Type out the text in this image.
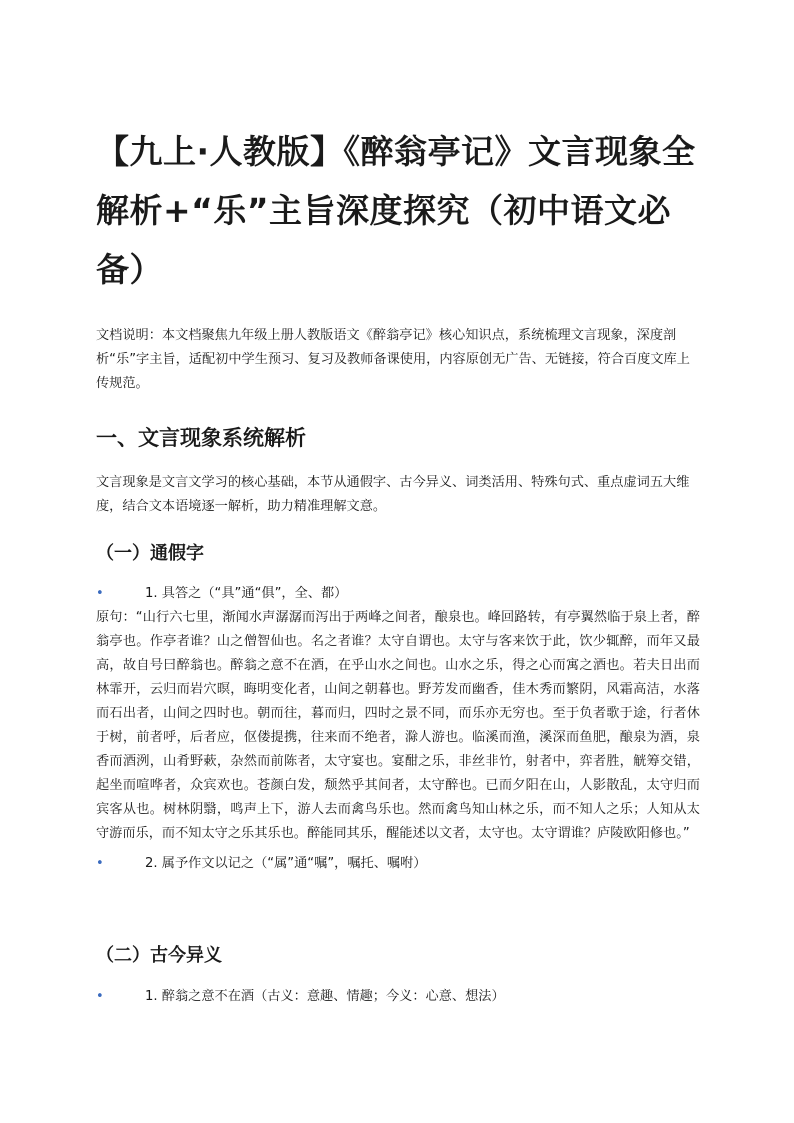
【九上·人教版】《醉翁亭记》文言现象全解析+“乐”主旨深度探究（初中语文必备）

文档说明：本文档聚焦九年级上册人教版语文《醉翁亭记》核心知识点，系统梳理文言现象，深度剖析“乐”字主旨，适配初中学生预习、复习及教师备课使用，内容原创无广告、无链接，符合百度文库上传规范。

一、文言现象系统解析

文言现象是文言文学习的核心基础，本节从通假字、古今异义、词类活用、特殊句式、重点虚词五大维度，结合文本语境逐一解析，助力精准理解文意。

（一）通假字
•	1. 具答之（“具”通“俱”，全、都）

原句：“山行六七里，渐闻水声潺潺而泻出于两峰之间者，酿泉也。峰回路转，有亭翼然临于泉上者，醉翁亭也。作亭者谁？山之僧智仙也。名之者谁？太守自谓也。太守与客来饮于此，饮少辄醉，而年又最高，故自号曰醉翁也。醉翁之意不在酒，在乎山水之间也。山水之乐，得之心而寓之酒也。若夫日出而林霏开，云归而岩穴暝，晦明变化者，山间之朝暮也。野芳发而幽香，佳木秀而繁阴，风霜高洁，水落而石出者，山间之四时也。朝而往，暮而归，四时之景不同，而乐亦无穷也。至于负者歌于途，行者休于树，前者呼，后者应，伛偻提携，往来而不绝者，滁人游也。临溪而渔，溪深而鱼肥，酿泉为酒，泉香而酒洌，山肴野蔌，杂然而前陈者，太守宴也。宴酣之乐，非丝非竹，射者中，弈者胜，觥筹交错，起坐而喧哗者，众宾欢也。苍颜白发，颓然乎其间者，太守醉也。已而夕阳在山，人影散乱，太守归而宾客从也。树林阴翳，鸣声上下，游人去而禽鸟乐也。然而禽鸟知山林之乐，而不知人之乐；人知从太守游而乐，而不知太守之乐其乐也。醉能同其乐，醒能述以文者，太守也。太守谓谁？庐陵欧阳修也。”

•	2. 属予作文以记之（“属”通“嘱”，嘱托、嘱咐）
（二）古今异义
•	1. 醉翁之意不在酒（古义：意趣、情趣；今义：心意、想法）
